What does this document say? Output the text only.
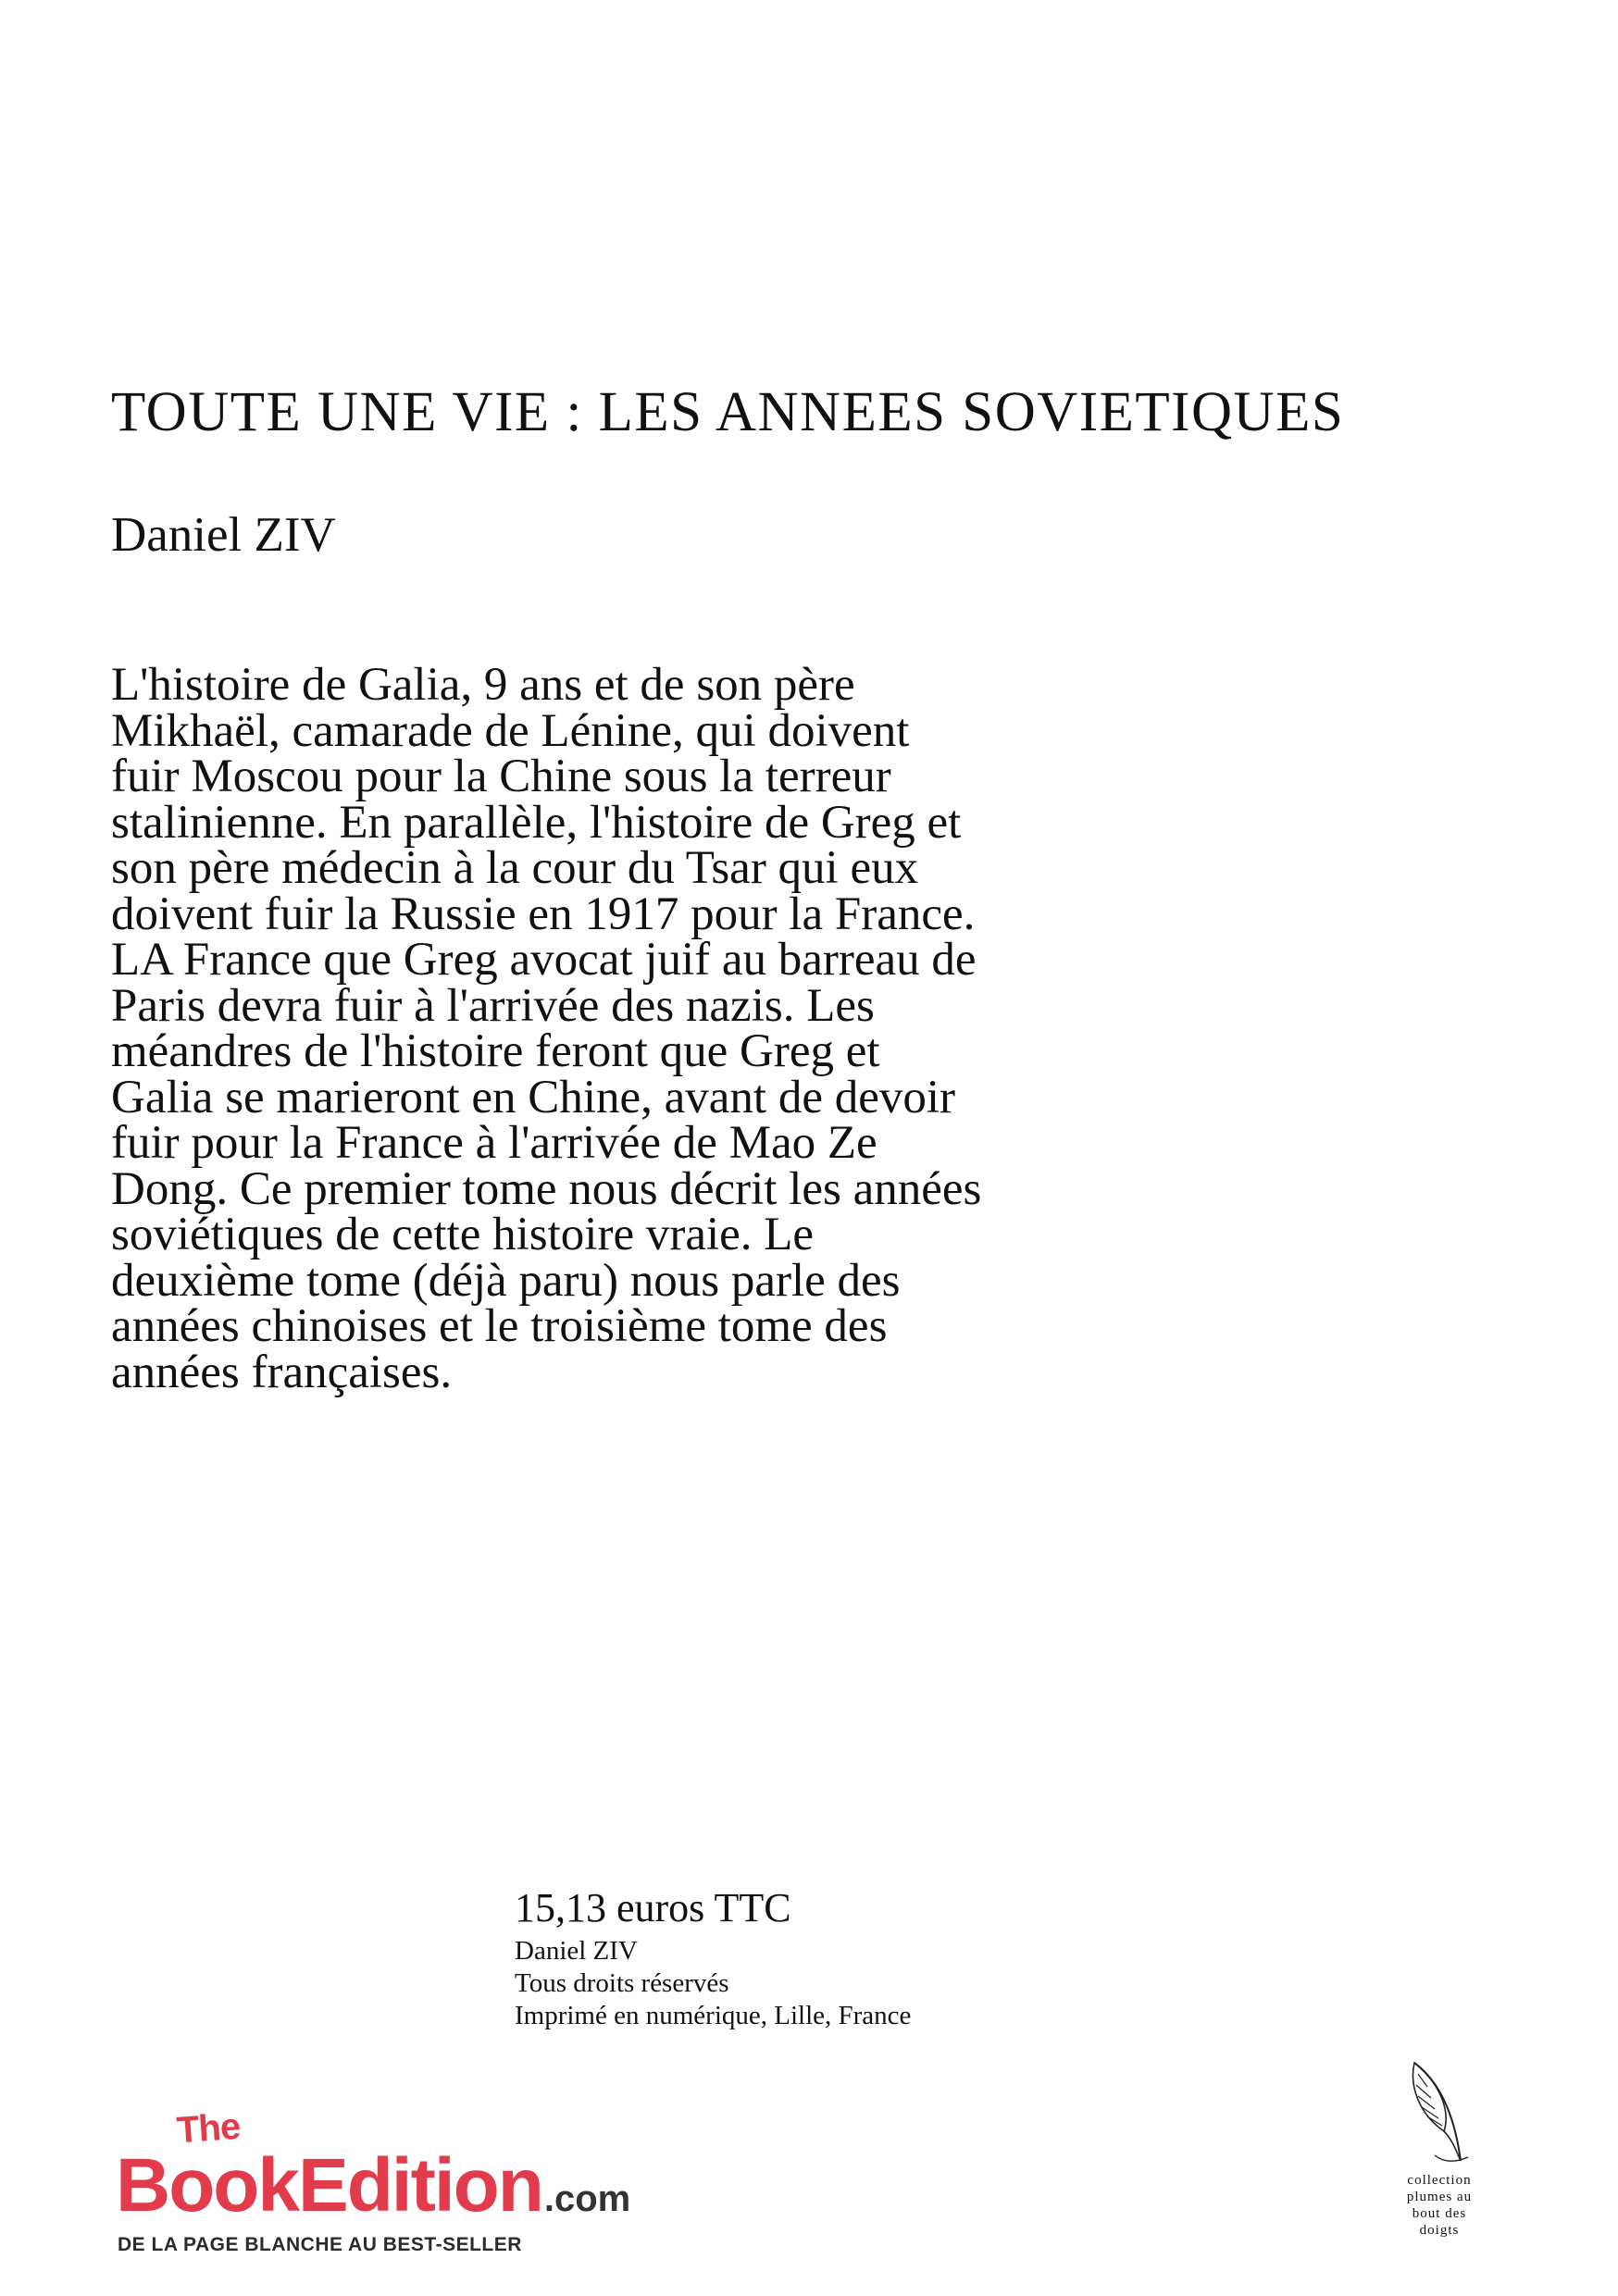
TOUTE UNE VIE : LES ANNEES SOVIETIQUES
Daniel ZIV
L'histoire de Galia, 9 ans et de son père
Mikhaël, camarade de Lénine, qui doivent
fuir Moscou pour la Chine sous la terreur
stalinienne. En parallèle, l'histoire de Greg et
son père médecin à la cour du Tsar qui eux
doivent fuir la Russie en 1917 pour la France.
LA France que Greg avocat juif au barreau de
Paris devra fuir à l'arrivée des nazis. Les
méandres de l'histoire feront que Greg et
Galia se marieront en Chine, avant de devoir
fuir pour la France à l'arrivée de Mao Ze
Dong. Ce premier tome nous décrit les années
soviétiques de cette histoire vraie. Le
deuxième tome (déjà paru) nous parle des
années chinoises et le troisième tome des
années françaises.
15,13 euros TTC
Daniel ZIV
Tous droits réservés
Imprimé en numérique, Lille, France
The
BookEdition.com
DE LA PAGE BLANCHE AU BEST-SELLER
collection
plumes au
bout des
doigts
